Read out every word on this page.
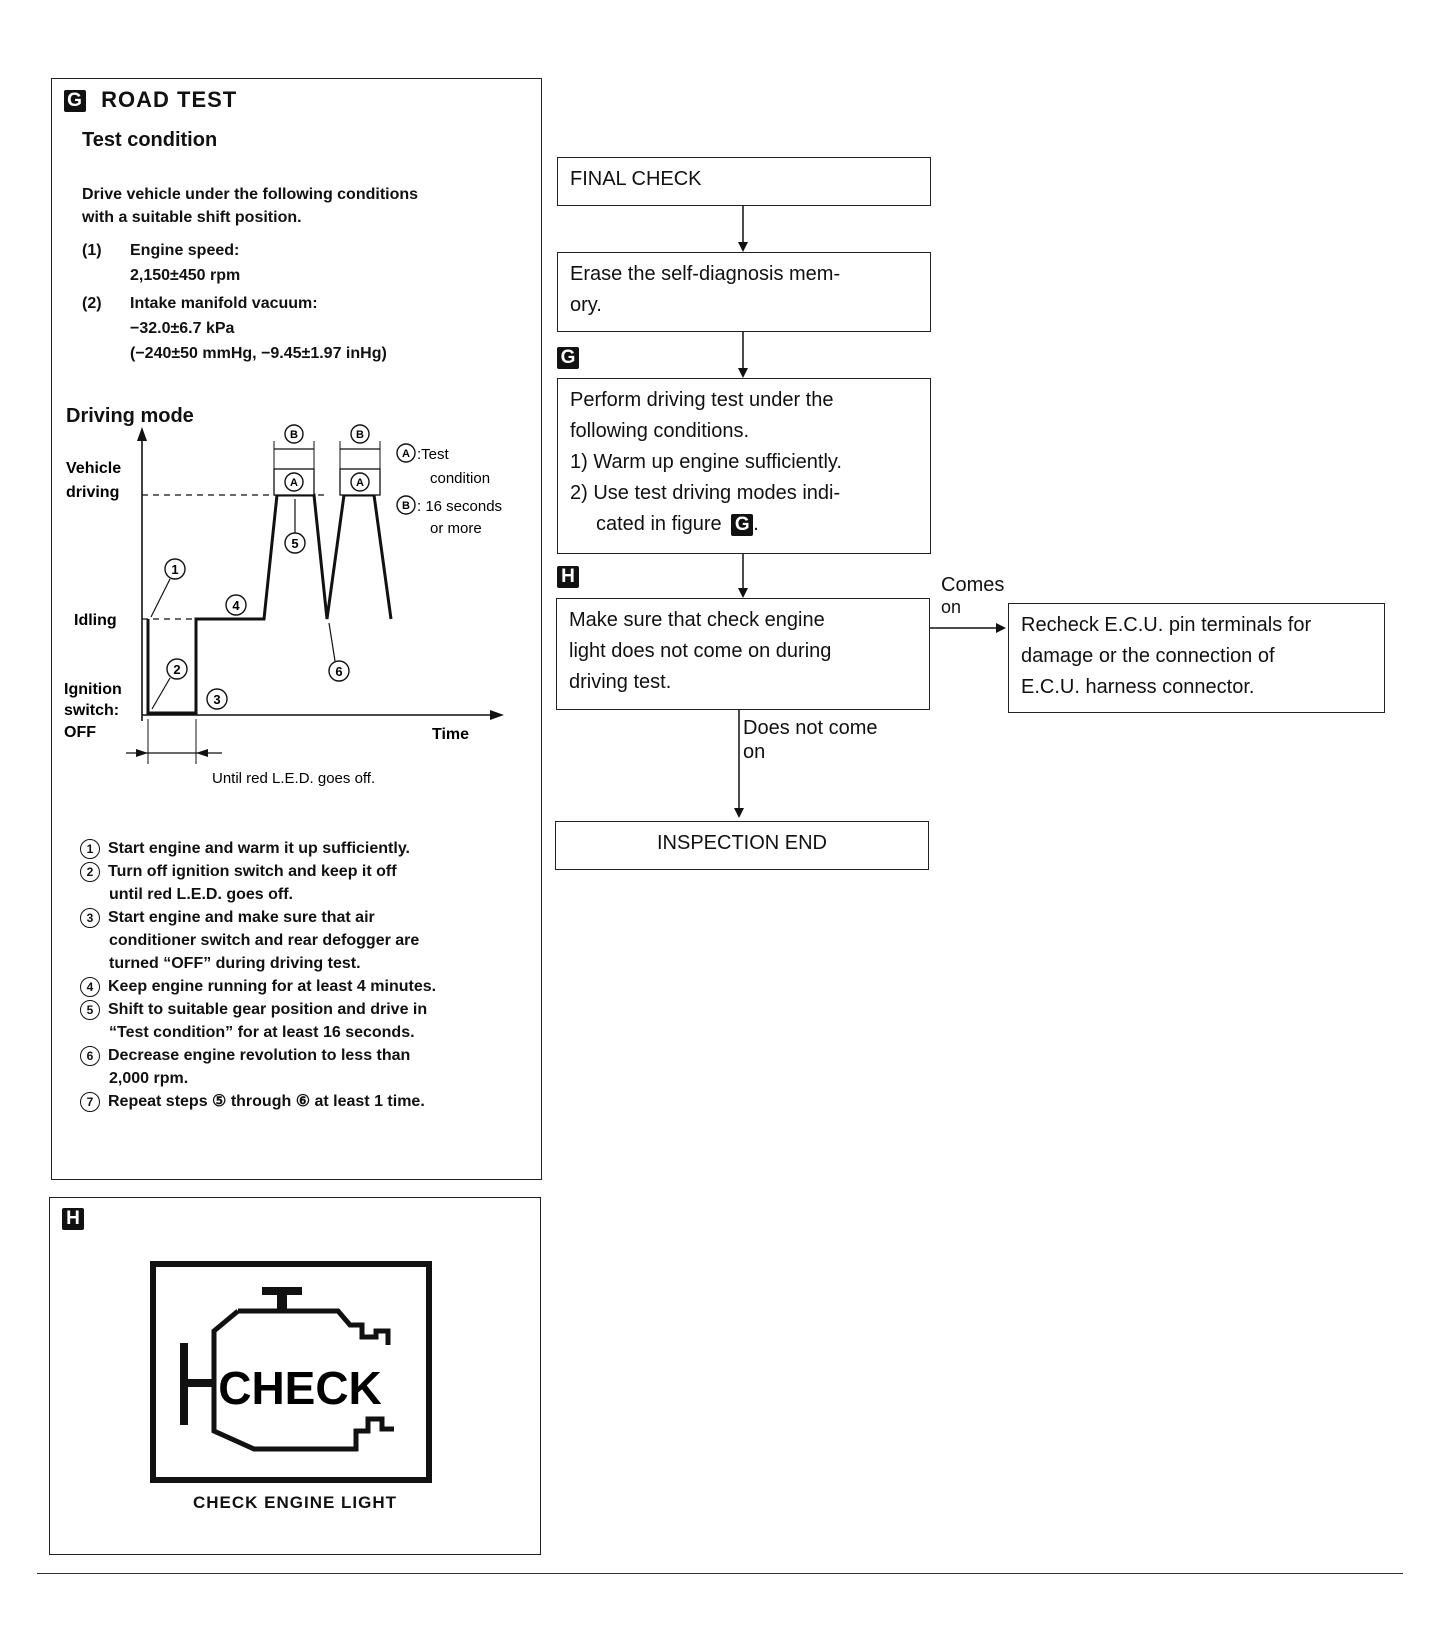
G ROAD TEST
Test condition
Drive vehicle under the following conditions
with a suitable shift position.
(1) Engine speed:
2,150±450 rpm
(2) Intake manifold vacuum:
−32.0±6.7 kPa
(−240±50 mmHg, −9.45±1.97 inHg)
Driving mode
A	A
B	B
Vehicle
driving
Idling
Ignition
switch:
OFF	Time
A :Test
condition
B : 16 seconds
or more
1
2
3
4
5
6
Until red L.E.D. goes off.
1 Start engine and warm it up sufficiently.
2 Turn off ignition switch and keep it off
until red L.E.D. goes off.
3 Start engine and make sure that air
conditioner switch and rear defogger are
turned “OFF” during driving test.
4 Keep engine running for at least 4 minutes.
5 Shift to suitable gear position and drive in
“Test condition” for at least 16 seconds.
6 Decrease engine revolution to less than
2,000 rpm.
7 Repeat steps ⑤ through ⑥ at least 1 time.
H
CHECK
CHECK ENGINE LIGHT
FINAL CHECK
Erase the self-diagnosis mem-
ory.
G
Perform driving test under the
following conditions.
1) Warm up engine sufficiently.
2) Use test driving modes indi-
cated in figure G .
H
Make sure that check engine
light does not come on during
driving test.
Comes
on
Recheck E.C.U. pin terminals for
damage or the connection of
E.C.U. harness connector.
Does not come
on
INSPECTION END
